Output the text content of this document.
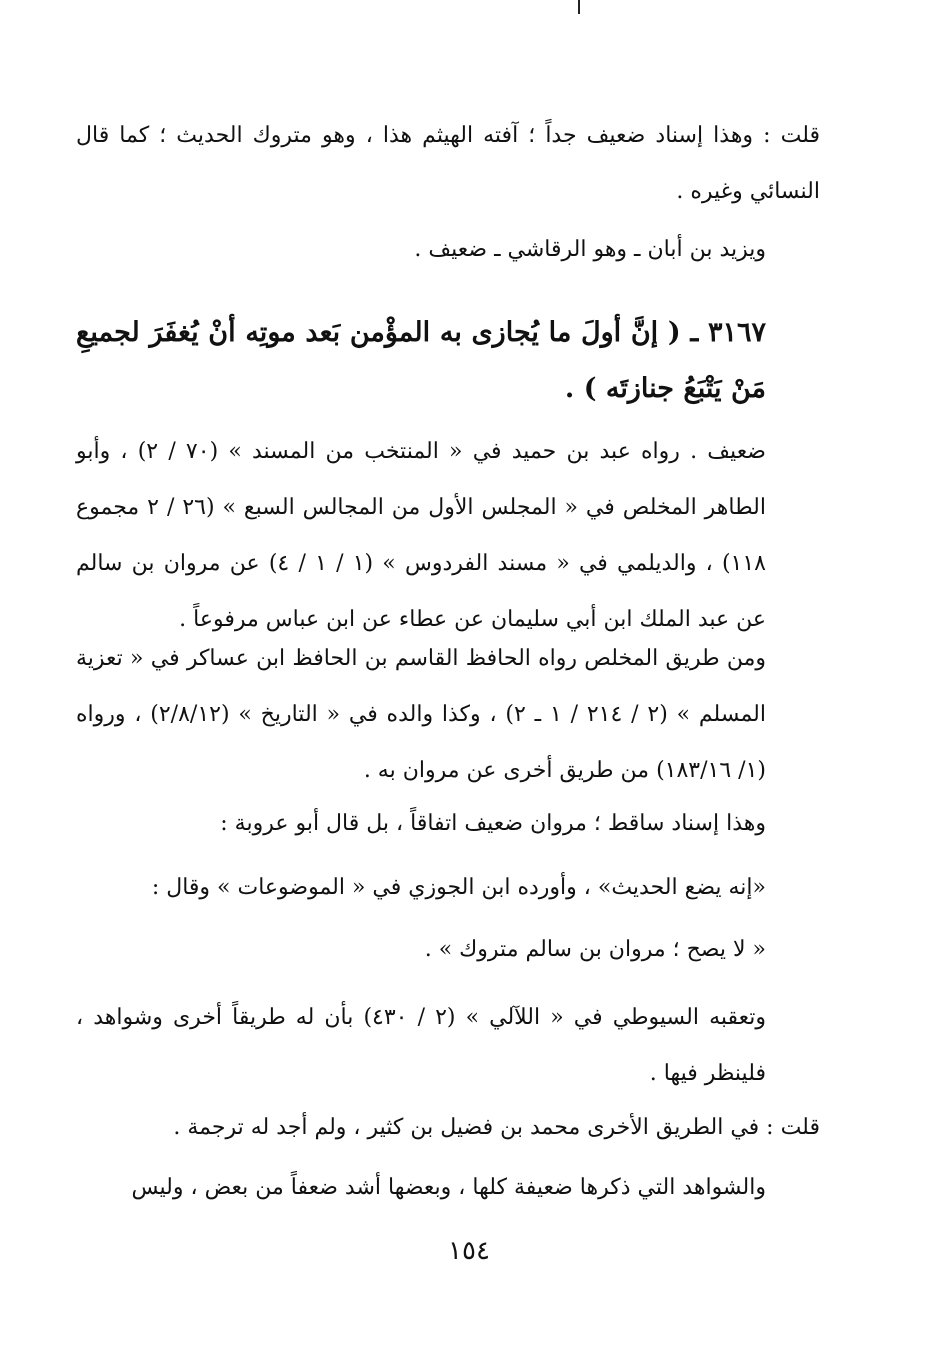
قلت : وهذا إسناد ضعيف جداً ؛ آفته الهيثم هذا ، وهو متروك الحديث ؛ كما قال النسائي وغيره .

ويزيد بن أبان ـ وهو الرقاشي ـ ضعيف .

٣١٦٧ ـ ( إنَّ أولَ ما يُجازى به المؤْمن بَعد موتِه أنْ يُغفَرَ لجميعِ مَنْ يَتْبَعُ جنازتَه ) .

ضعيف . رواه عبد بن حميد في « المنتخب من المسند » (٧٠ / ٢) ، وأبو الطاهر المخلص في « المجلس الأول من المجالس السبع » (٢٦ / ٢ مجموع ١١٨) ، والديلمي في « مسند الفردوس » (١ / ١ / ٤) عن مروان بن سالم عن عبد الملك ابن أبي سليمان عن عطاء عن ابن عباس مرفوعاً .

ومن طريق المخلص رواه الحافظ القاسم بن الحافظ ابن عساكر في « تعزية المسلم » (٢ / ٢١٤ / ١ ـ ٢) ، وكذا والده في « التاريخ » (٢/٨/١٢) ، ورواه (١/ ١٨٣/١٦) من طريق أخرى عن مروان به .

وهذا إسناد ساقط ؛ مروان ضعيف اتفاقاً ، بل قال أبو عروبة :

«إنه يضع الحديث» ، وأورده ابن الجوزي في « الموضوعات » وقال :

« لا يصح ؛ مروان بن سالم متروك » .

وتعقبه السيوطي في « اللآلي » (٢ / ٤٣٠) بأن له طريقاً أخرى وشواهد ، فلينظر فيها .

قلت : في الطريق الأخرى محمد بن فضيل بن كثير ، ولم أجد له ترجمة .

والشواهد التي ذكرها ضعيفة كلها ، وبعضها أشد ضعفاً من بعض ، وليس

١٥٤
